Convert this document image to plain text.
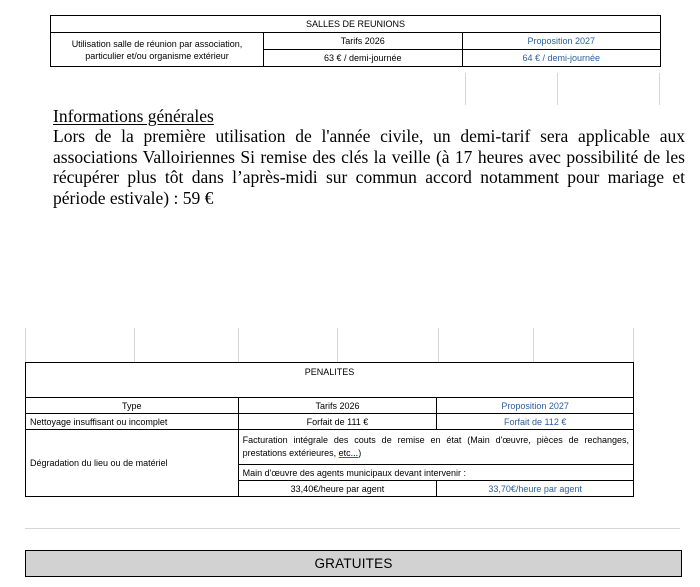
SALLES DE REUNIONS		
Utilisation salle de réunion par association, particulier et/ou organisme extérieur	Tarifs 2026	Proposition 2027
	63 € / demi-journée	64 € / demi-journée
Informations générales

Lors de la première utilisation de l'année civile, un demi-tarif sera applicable aux associations Valloiriennes Si remise des clés la veille (à 17 heures avec possibilité de les récupérer plus tôt dans l’après-midi sur commun accord notamment pour mariage et période estivale) : 59 €

PENALITES		
Type	Tarifs 2026	Proposition 2027
Nettoyage insuffisant ou incomplet	Forfait de 111 €	Forfait de 112 €
Dégradation du lieu ou de matériel	Facturation intégrale des couts de remise en état (Main d'œuvre, pièces de rechanges, prestations extérieures, etc...)	
	Main d'œuvre des agents municipaux devant intervenir :	
	33,40€/heure par agent	33,70€/heure par agent
GRATUITES
